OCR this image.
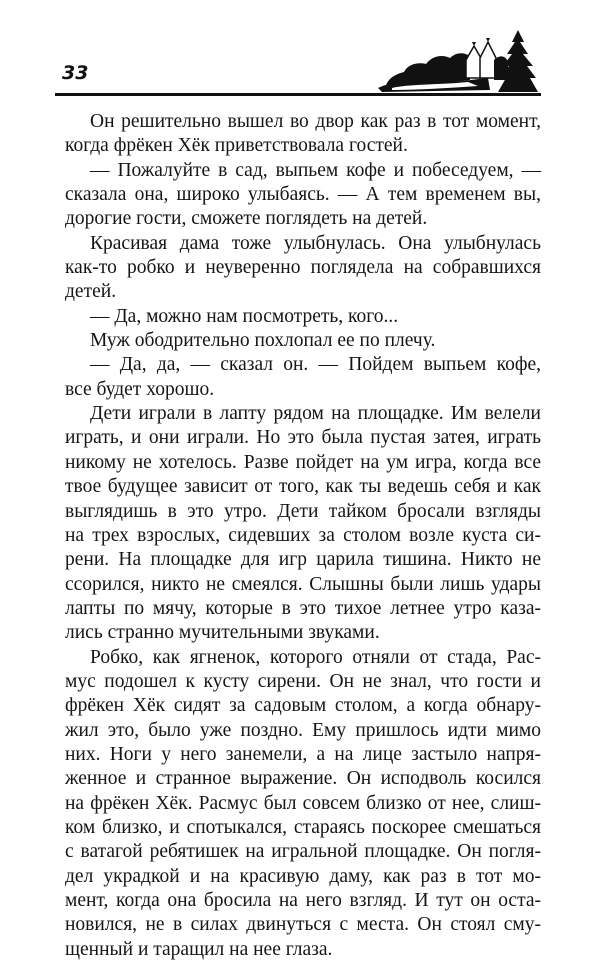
33
Он решительно вышел во двор как раз в тот момент,
когда фрёкен Хёк приветствовала гостей.
— Пожалуйте в сад, выпьем кофе и побеседуем, —
сказала она, широко улыбаясь. — А тем временем вы,
дорогие гости, сможете поглядеть на детей.
Красивая дама тоже улыбнулась. Она улыбнулась
как-то робко и неуверенно поглядела на собравшихся
детей.
— Да, можно нам посмотреть, кого...
Муж ободрительно похлопал ее по плечу.
— Да, да, — сказал он. — Пойдем выпьем кофе,
все будет хорошо.
Дети играли в лапту рядом на площадке. Им велели
играть, и они играли. Но это была пустая затея, играть
никому не хотелось. Разве пойдет на ум игра, когда все
твое будущее зависит от того, как ты ведешь себя и как
выглядишь в это утро. Дети тайком бросали взгляды
на трех взрослых, сидевших за столом возле куста си-
рени. На площадке для игр царила тишина. Никто не
ссорился, никто не смеялся. Слышны были лишь удары
лапты по мячу, которые в это тихое летнее утро каза-
лись странно мучительными звуками.
Робко, как ягненок, которого отняли от стада, Рас-
мус подошел к кусту сирени. Он не знал, что гости и
фрёкен Хёк сидят за садовым столом, а когда обнару-
жил это, было уже поздно. Ему пришлось идти мимо
них. Ноги у него занемели, а на лице застыло напря-
женное и странное выражение. Он исподволь косился
на фрёкен Хёк. Расмус был совсем близко от нее, слиш-
ком близко, и спотыкался, стараясь поскорее смешаться
с ватагой ребятишек на игральной площадке. Он погля-
дел украдкой и на красивую даму, как раз в тот мо-
мент, когда она бросила на него взгляд. И тут он оста-
новился, не в силах двинуться с места. Он стоял сму-
щенный и таращил на нее глаза.
